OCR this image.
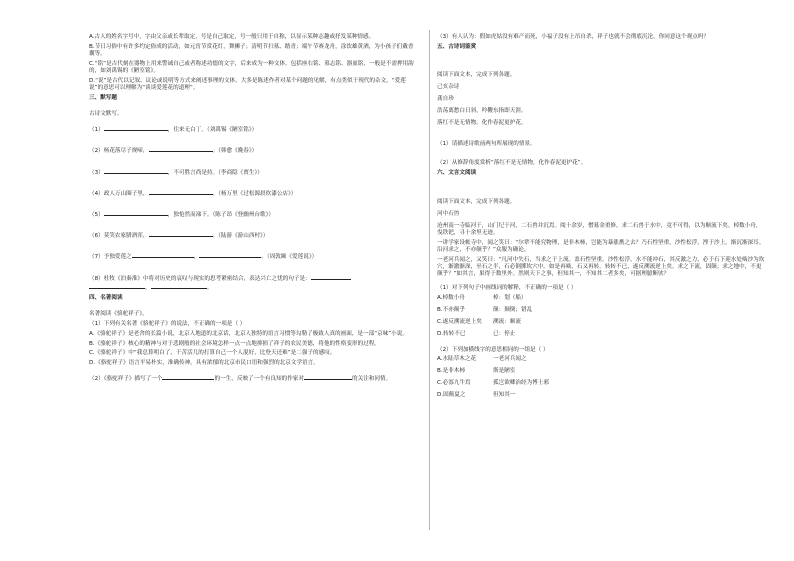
A.古人的姓名字号中，字由父亲或长辈取定，号是自己取定，号一般只用于自称，以显示某种志趣或抒发某种情感。

B.节日习俗中有许多约定俗成的活动，如元宵节赏花灯，舞狮子；清明节扫墓、踏青；端午节赛龙舟，涂饮雄黄酒，为小孩子们戴香囊等。

C.“铭”是古代刻在器物上用来警诫自己或者称述功德的文字，后来成为一种文体，包括座右铭、墓志铭、器皿铭，一般是不需押用韵的，如刘禹锡的《陋室铭》。

D.“说”是古代以记叙、议论或说明等方式来阐述事理的文体，大多是陈述作者对某个问题的见解，有点类似于现代的杂文，“爱莲说”的意思可以理解为“谈谈爱莲花的道理”。

三、默写题

古诗文默写。

（1）	，往来无白丁。（刘禹锡《陋室铭》）

（2）杨花落尽子规啼，	。（韩愈《晚春》）

（3）	，不可胜言尚是持。（李商隐《贾生》）

（4）政人万山圈子里，	。（杨万里《过松源晨炊漆公店》）

（5）	，独怆然而涕下。（陈子昂《登幽州台歌》）

（6）莫笑农家腊酒浑，	。（陆游《游山西村》）

（7）予独爱莲之	，	。（周敦颐《爱莲说》）

（8）杜牧《泊秦淮》中将对历史的哀叹与现实的思考紧密结合，表达兴亡之忧的句子是：
，	。

四、名著阅读

名著阅读《骆驼祥子》。

（1）下列有关名著《骆驼祥子》的说法，不正确的一项是（ ）

A.《骆驼祥子》是老舍的长篇小说，北京人地道的北京话，北京人独特的语言习惯等勾勒了极致人真的画面，是一部“京味”小说。

B.《骆驼祥子》核心的精神与对于悲剧般的社会环境怎样一点一点地抑损了祥子的农民美德，将他的性格变形的过程。

C.《骆驼祥子》中“我总算明白了，干苦活儿的打算自己一个人混好，比登天还难”是二强子的感叹。

D.《骆驼祥子》语言平易朴实，准确传神，具有浓郁的北京市民口语和强烈的北京文学语言。

（2）《骆驼祥子》描写了一个	的一生，反映了一个有良知的作家对	的关注和同情。

（3）有人认为：假如虎姑没有难产而死，小福子没有上吊自杀，祥子也就不会彻底沉沦。你同意这个观点吗？

五、古诗词鉴赏

阅读下面文本，完成下列各题。

己亥杂诗

龚自珍

浩荡离愁白日斜，吟鞭东指即天涯。

落红不是无情物，化作春泥更护花。

（1）请描述诗歌前两句所展现的情景。

（2）从修辞角度赏析“落红不是无情物，化作春泥更护花”。

六、文言文阅读

阅读下面文本，完成下列各题。

河中石兽

沧州南一寺临河干，山门圮于河，二石兽并沉焉。阅十余岁，僧募金重修，求二石兽于水中，竟不可得，以为顺流下矣。棹数小舟，曳铁钯，寻十余里无迹。

一讲学家设帐寺中，闻之笑曰：“尔辈不能究物理，是非木柿，岂能为暴涨携之去？乃石性坚重，沙性松浮，湮于沙上，渐沉渐深耳。沿河求之，不亦颠乎？”众服为确论。

一老河兵闻之，又笑曰：“凡河中失石，当求之于上流。盖石性坚重，沙性松浮，水不能冲石，其反激之力，必于石下迎水处啮沙为坎穴，渐激渐深，至石之半，石必倒掷坎穴中。如是再啮，石又再转。转转不已，遂反溯流逆上矣。求之下流，固颠；求之地中，不更颠乎？”如其言，果得于数里外。然则天下之事，但知其一，不知其二者多矣，可据理臆断欤？

（1）对下列句子中画线词的解释，不正确的一项是（ ）

A.棹数小舟	棹：划（船）
B.不亦颠乎	颠：颠倒；错乱
C.遂反溯流逆上矣	溯流：顺流
D.转转不已	已：停止

（2）下列加横线字的意思相同的一组是（ ）

A.水陆草木之花	一老河兵闻之
B.是非木柿	斯是陋室
C.必寡九牛焉	孤岂欲卿治经为博士邪
D.固颠夏之	但知其一
